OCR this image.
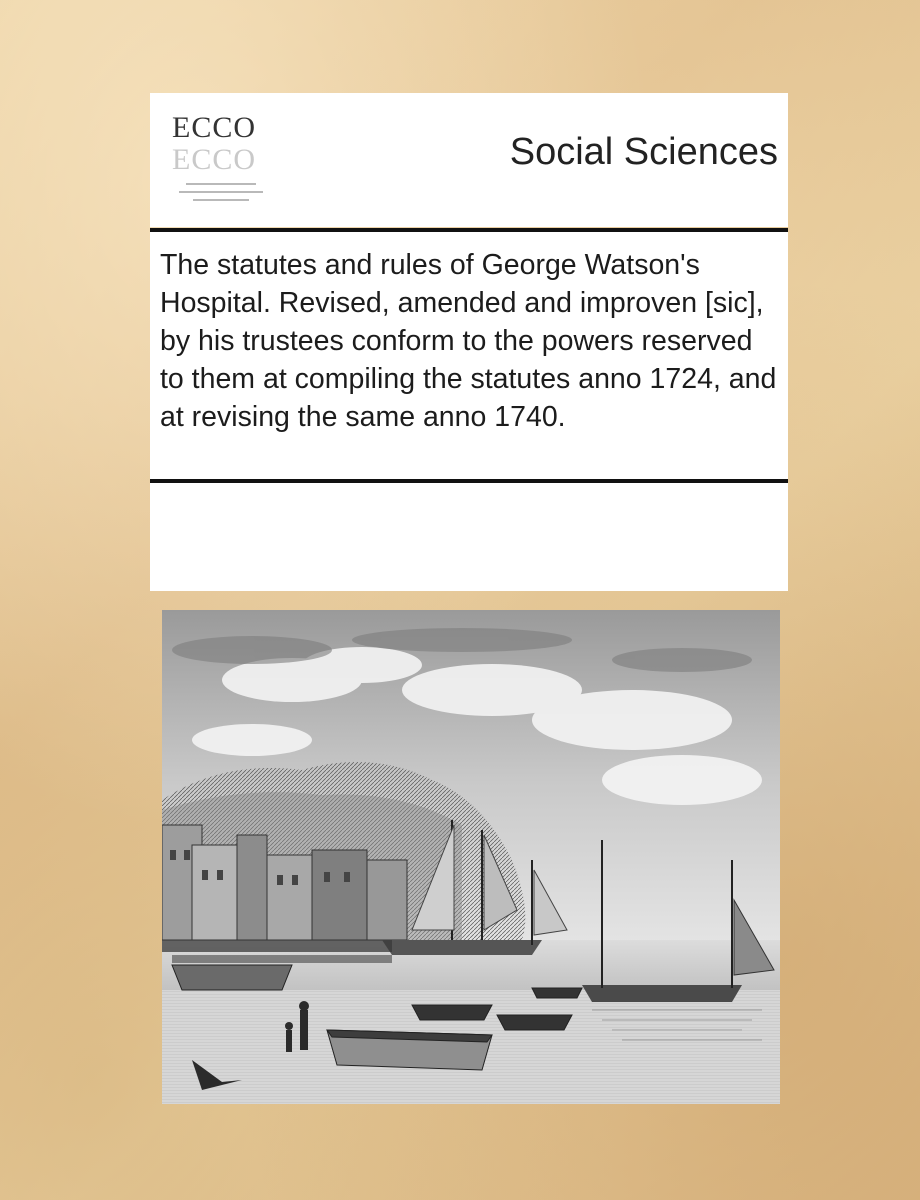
ECCO
ECCO	Social Sciences
The statutes and rules of George Watson's Hospital. Revised, amended and improven [sic], by his trustees conform to the powers reserved to them at compiling the statutes anno 1724, and at revising the same anno 1740.
